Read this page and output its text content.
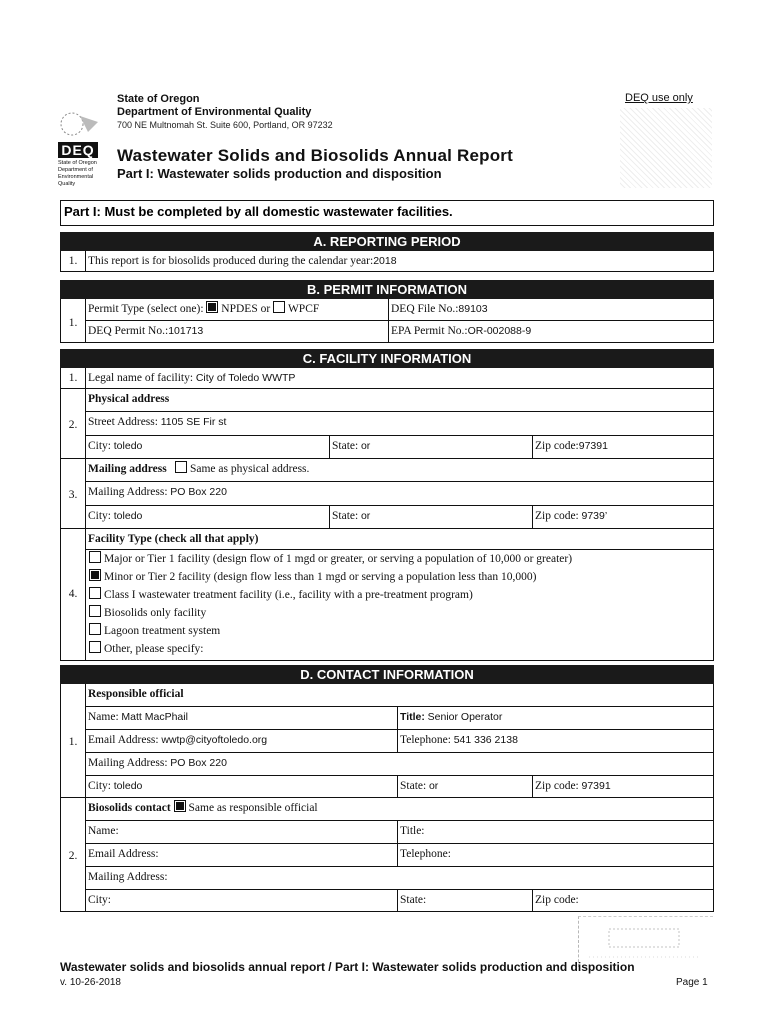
DEQ
State of Oregon Department of Environmental Quality
State of Oregon
Department of Environmental Quality
700 NE Multnomah St. Suite 600, Portland, OR 97232
Wastewater Solids and Biosolids Annual Report
Part I: Wastewater solids production and disposition
DEQ use only
Part I: Must be completed by all domestic wastewater facilities.
A. REPORTING PERIOD
1. This report is for biosolids produced during the calendar year:2018
B. PERMIT INFORMATION
1.
Permit Type (select one): NPDES or WPCF	DEQ File No.:89103
DEQ Permit No.:101713	EPA Permit No.:OR-002088-9
C. FACILITY INFORMATION
1. Legal name of facility: City of Toledo WWTP
2.
Physical address
Street Address: 1105 SE Fir st
City: toledo	State: or	Zip code:97391
3.
Mailing address Same as physical address.
Mailing Address: PO Box 220
City: toledo	State: or	Zip code: 9739’
4.
Facility Type (check all that apply)
Major or Tier 1 facility (design flow of 1 mgd or greater, or serving a population of 10,000 or greater)
Minor or Tier 2 facility (design flow less than 1 mgd or serving a population less than 10,000)
Class I wastewater treatment facility (i.e., facility with a pre-treatment program)
Biosolids only facility
Lagoon treatment system
Other, please specify:
D. CONTACT INFORMATION
1.
Responsible official
Name: Matt MacPhail	Title: Senior Operator
Email Address: wwtp@cityoftoledo.org	Telephone: 541 336 2138
Mailing Address: PO Box 220
City: toledo	State: or	Zip code: 97391
2.
Biosolids contact Same as responsible official
Name:	Title:
Email Address:	Telephone:
Mailing Address:
City:	State:	Zip code:
Wastewater solids and biosolids annual report / Part I: Wastewater solids production and disposition
v. 10-26-2018	Page 1
